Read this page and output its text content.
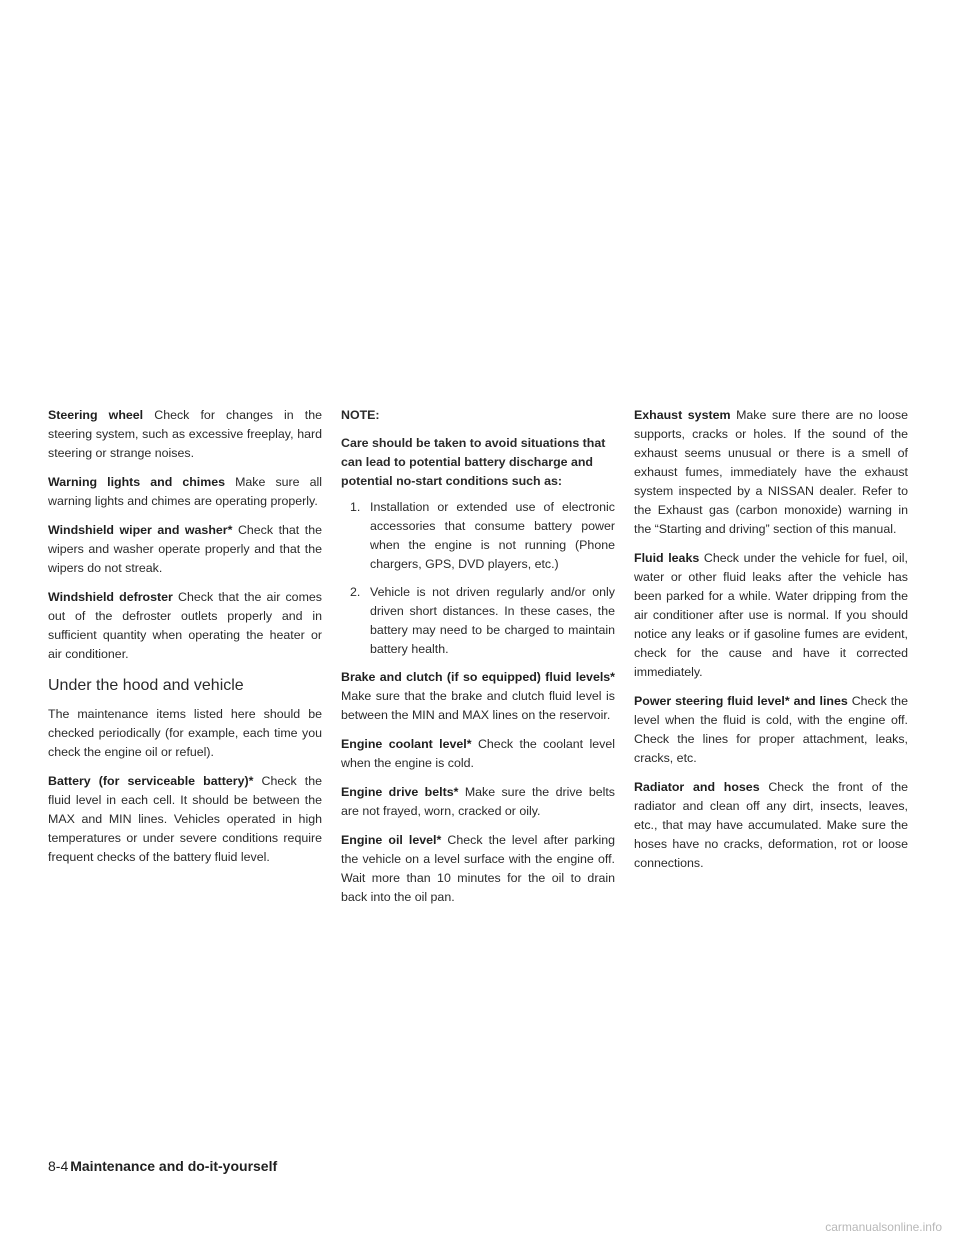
Steering wheel Check for changes in the steering system, such as excessive freeplay, hard steering or strange noises.

Warning lights and chimes Make sure all warning lights and chimes are operating properly.

Windshield wiper and washer* Check that the wipers and washer operate properly and that the wipers do not streak.

Windshield defroster Check that the air comes out of the defroster outlets properly and in sufficient quantity when operating the heater or air conditioner.

Under the hood and vehicle

The maintenance items listed here should be checked periodically (for example, each time you check the engine oil or refuel).

Battery (for serviceable battery)* Check the fluid level in each cell. It should be between the MAX and MIN lines. Vehicles operated in high temperatures or under severe conditions require frequent checks of the battery fluid level.

NOTE:
Care should be taken to avoid situations that can lead to potential battery discharge and potential no-start conditions such as:
1. Installation or extended use of electronic accessories that consume battery power when the engine is not running (Phone chargers, GPS, DVD players, etc.)
2. Vehicle is not driven regularly and/or only driven short distances. In these cases, the battery may need to be charged to maintain battery health.

Brake and clutch (if so equipped) fluid levels* Make sure that the brake and clutch fluid level is between the MIN and MAX lines on the reservoir.

Engine coolant level* Check the coolant level when the engine is cold.

Engine drive belts* Make sure the drive belts are not frayed, worn, cracked or oily.

Engine oil level* Check the level after parking the vehicle on a level surface with the engine off. Wait more than 10 minutes for the oil to drain back into the oil pan.

Exhaust system Make sure there are no loose supports, cracks or holes. If the sound of the exhaust seems unusual or there is a smell of exhaust fumes, immediately have the exhaust system inspected by a NISSAN dealer. Refer to the Exhaust gas (carbon monoxide) warning in the “Starting and driving” section of this manual.

Fluid leaks Check under the vehicle for fuel, oil, water or other fluid leaks after the vehicle has been parked for a while. Water dripping from the air conditioner after use is normal. If you should notice any leaks or if gasoline fumes are evident, check for the cause and have it corrected immediately.

Power steering fluid level* and lines Check the level when the fluid is cold, with the engine off. Check the lines for proper attachment, leaks, cracks, etc.

Radiator and hoses Check the front of the radiator and clean off any dirt, insects, leaves, etc., that may have accumulated. Make sure the hoses have no cracks, deformation, rot or loose connections.

8-4 Maintenance and do-it-yourself
carmanualsonline.info
